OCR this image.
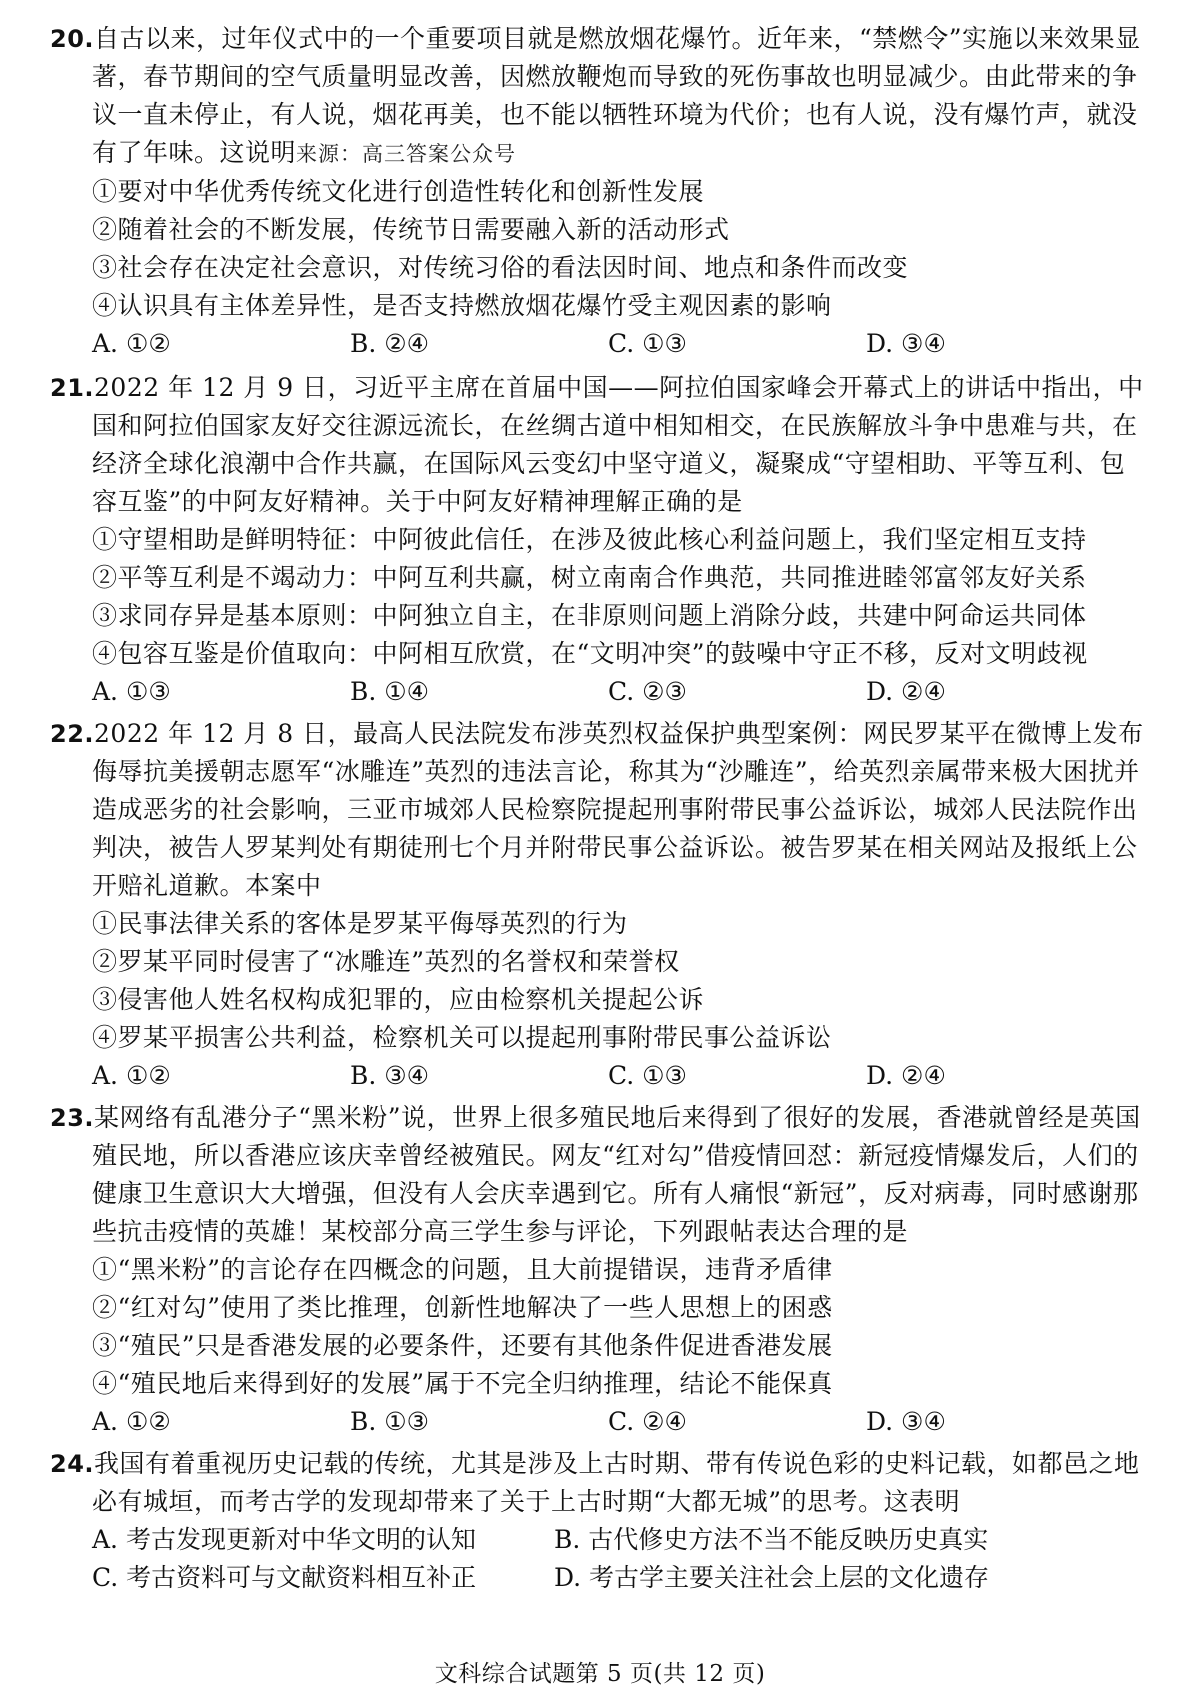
20.自古以来，过年仪式中的一个重要项目就是燃放烟花爆竹。近年来，“禁燃令”实施以来效果显著，春节期间的空气质量明显改善，因燃放鞭炮而导致的死伤事故也明显减少。由此带来的争议一直未停止，有人说，烟花再美，也不能以牺牲环境为代价；也有人说，没有爆竹声，就没有了年味。这说明来源：高三答案公众号

①要对中华优秀传统文化进行创造性转化和创新性发展

②随着社会的不断发展，传统节日需要融入新的活动形式

③社会存在决定社会意识，对传统习俗的看法因时间、地点和条件而改变

④认识具有主体差异性，是否支持燃放烟花爆竹受主观因素的影响

A. ①②	B. ②④	C. ①③	D. ③④

21.2022 年 12 月 9 日，习近平主席在首届中国——阿拉伯国家峰会开幕式上的讲话中指出，中国和阿拉伯国家友好交往源远流长，在丝绸古道中相知相交，在民族解放斗争中患难与共，在经济全球化浪潮中合作共赢，在国际风云变幻中坚守道义，凝聚成“守望相助、平等互利、包容互鉴”的中阿友好精神。关于中阿友好精神理解正确的是

①守望相助是鲜明特征：中阿彼此信任，在涉及彼此核心利益问题上，我们坚定相互支持

②平等互利是不竭动力：中阿互利共赢，树立南南合作典范，共同推进睦邻富邻友好关系

③求同存异是基本原则：中阿独立自主，在非原则问题上消除分歧，共建中阿命运共同体

④包容互鉴是价值取向：中阿相互欣赏，在“文明冲突”的鼓噪中守正不移，反对文明歧视

A. ①③	B. ①④	C. ②③	D. ②④

22.2022 年 12 月 8 日，最高人民法院发布涉英烈权益保护典型案例：网民罗某平在微博上发布侮辱抗美援朝志愿军“冰雕连”英烈的违法言论，称其为“沙雕连”，给英烈亲属带来极大困扰并造成恶劣的社会影响，三亚市城郊人民检察院提起刑事附带民事公益诉讼，城郊人民法院作出判决，被告人罗某判处有期徒刑七个月并附带民事公益诉讼。被告罗某在相关网站及报纸上公开赔礼道歉。本案中

①民事法律关系的客体是罗某平侮辱英烈的行为

②罗某平同时侵害了“冰雕连”英烈的名誉权和荣誉权

③侵害他人姓名权构成犯罪的，应由检察机关提起公诉

④罗某平损害公共利益，检察机关可以提起刑事附带民事公益诉讼

A. ①②	B. ③④	C. ①③	D. ②④

23.某网络有乱港分子“黑米粉”说，世界上很多殖民地后来得到了很好的发展，香港就曾经是英国殖民地，所以香港应该庆幸曾经被殖民。网友“红对勾”借疫情回怼：新冠疫情爆发后，人们的健康卫生意识大大增强，但没有人会庆幸遇到它。所有人痛恨“新冠”，反对病毒，同时感谢那些抗击疫情的英雄！某校部分高三学生参与评论，下列跟帖表达合理的是

①“黑米粉”的言论存在四概念的问题，且大前提错误，违背矛盾律

②“红对勾”使用了类比推理，创新性地解决了一些人思想上的困惑

③“殖民”只是香港发展的必要条件，还要有其他条件促进香港发展

④“殖民地后来得到好的发展”属于不完全归纳推理，结论不能保真

A. ①②	B. ①③	C. ②④	D. ③④

24.我国有着重视历史记载的传统，尤其是涉及上古时期、带有传说色彩的史料记载，如都邑之地必有城垣，而考古学的发现却带来了关于上古时期“大都无城”的思考。这表明

A. 考古发现更新对中华文明的认知	B. 古代修史方法不当不能反映历史真实
C. 考古资料可与文献资料相互补正	D. 考古学主要关注社会上层的文化遗存
文科综合试题第 5 页(共 12 页)
